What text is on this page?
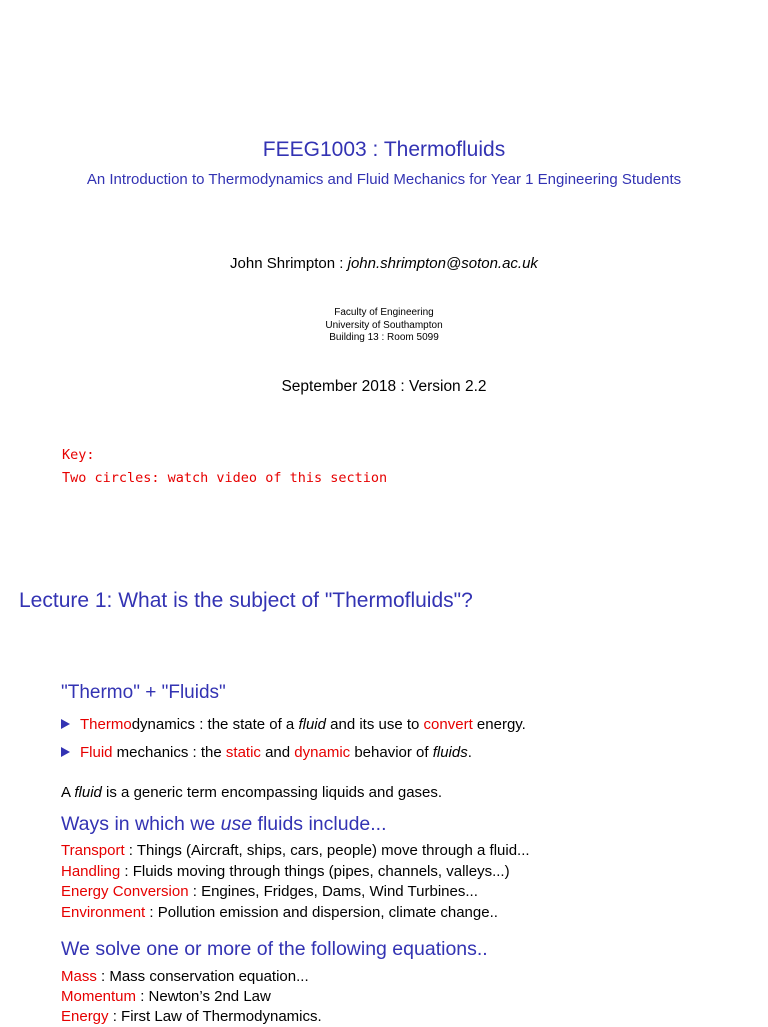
FEEG1003 : Thermofluids
An Introduction to Thermodynamics and Fluid Mechanics for Year 1 Engineering Students
John Shrimpton : john.shrimpton@soton.ac.uk
Faculty of Engineering
University of Southampton
Building 13 : Room 5099
September 2018 : Version 2.2
Key:
Two circles: watch video of this section
Lecture 1: What is the subject of "Thermofluids"?
"Thermo" + "Fluids"
Thermodynamics : the state of a fluid and its use to convert energy.
Fluid mechanics : the static and dynamic behavior of fluids.
A fluid is a generic term encompassing liquids and gases.
Ways in which we use fluids include...
Transport : Things (Aircraft, ships, cars, people) move through a fluid...
Handling : Fluids moving through things (pipes, channels, valleys...)
Energy Conversion : Engines, Fridges, Dams, Wind Turbines...
Environment : Pollution emission and dispersion, climate change..
We solve one or more of the following equations..
Mass : Mass conservation equation...
Momentum : Newton’s 2nd Law
Energy : First Law of Thermodynamics.
